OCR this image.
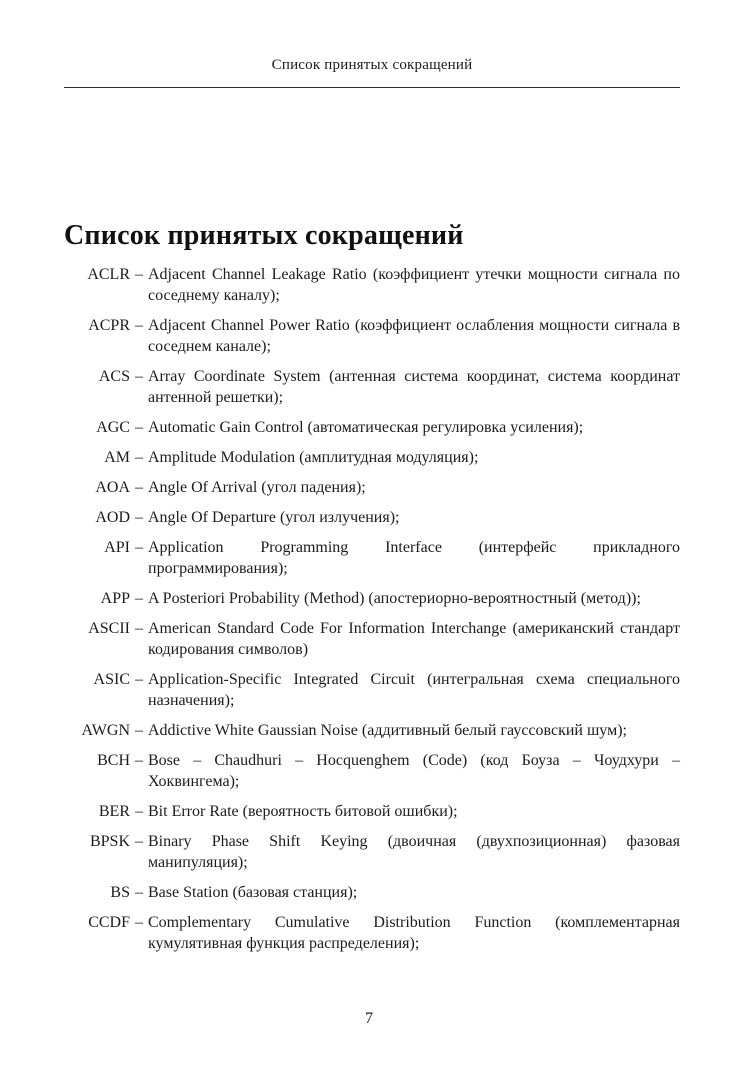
Список принятых сокращений
Список принятых сокращений
ACLR – Adjacent Channel Leakage Ratio (коэффициент утечки мощности сигнала по соседнему каналу);
ACPR – Adjacent Channel Power Ratio (коэффициент ослабления мощности сигнала в соседнем канале);
ACS – Array Coordinate System (антенная система координат, система координат антенной решетки);
AGC – Automatic Gain Control (автоматическая регулировка усиления);
AM – Amplitude Modulation (амплитудная модуляция);
AOA – Angle Of Arrival (угол падения);
AOD – Angle Of Departure (угол излучения);
API – Application Programming Interface (интерфейс прикладного программирования);
APP – A Posteriori Probability (Method) (апостериорно-вероятностный (метод));
ASCII – American Standard Code For Information Interchange (американский стандарт кодирования символов)
ASIC – Application-Specific Integrated Circuit (интегральная схема специального назначения);
AWGN – Addictive White Gaussian Noise (аддитивный белый гауссовский шум);
BCH – Bose – Chaudhuri – Hocquenghem (Code) (код Боуза – Чоудхури – Хоквингема);
BER – Bit Error Rate (вероятность битовой ошибки);
BPSK – Binary Phase Shift Keying (двоичная (двухпозиционная) фазовая манипуляция);
BS – Base Station (базовая станция);
CCDF – Complementary Cumulative Distribution Function (комплементарная кумулятивная функция распределения);
7
